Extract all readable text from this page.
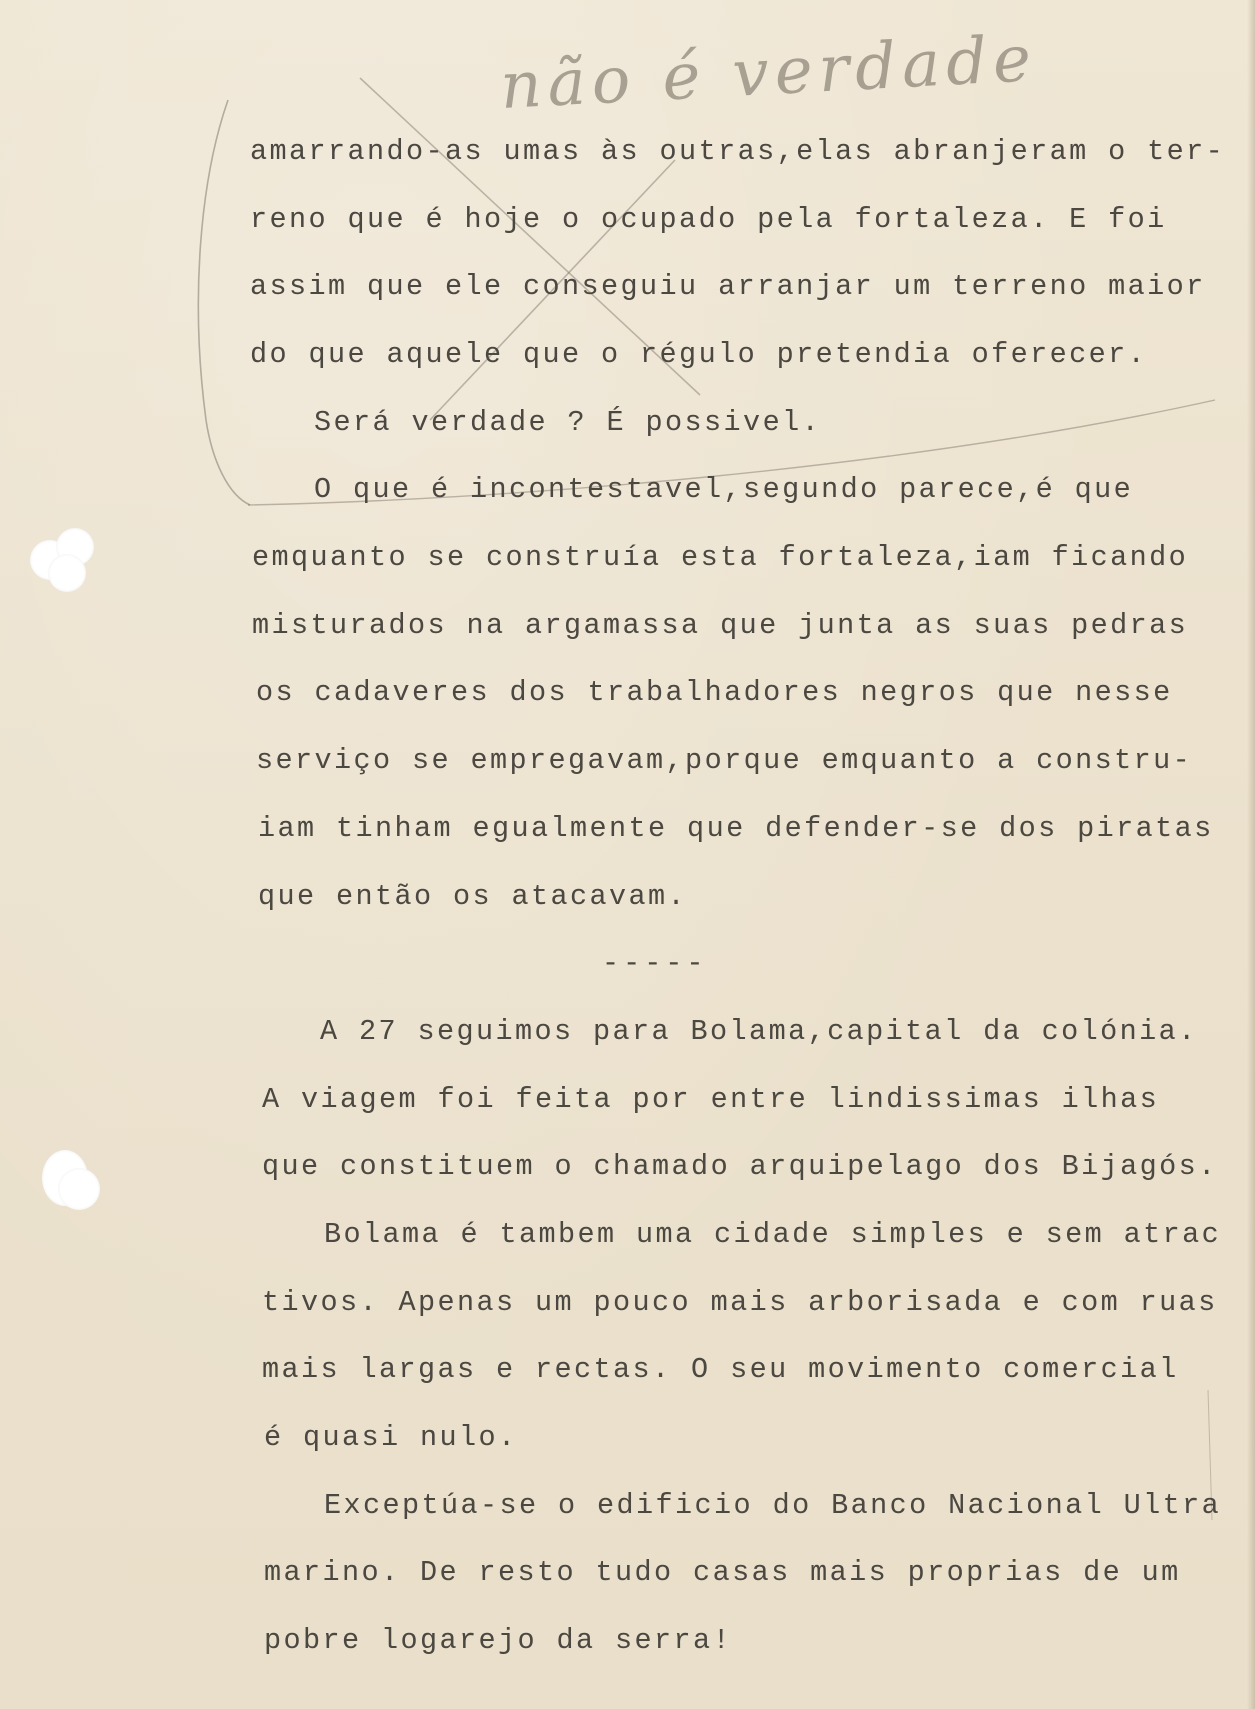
não é verdade
amarrando-as umas às outras,elas abranjeram o ter-
reno que é hoje o ocupado pela fortaleza. E foi
assim que ele conseguiu arranjar um terreno maior
do que aquele que o régulo pretendia oferecer.
Será verdade ? É possivel.
O que é incontestavel,segundo parece,é que
emquanto se construía esta fortaleza,iam ficando
misturados na argamassa que junta as suas pedras
os cadaveres dos trabalhadores negros que nesse
serviço se empregavam,porque emquanto a constru-
iam tinham egualmente que defender-se dos piratas
que então os atacavam.
-----
A 27 seguimos para Bolama,capital da colónia.
A viagem foi feita por entre lindissimas ilhas
que constituem o chamado arquipelago dos Bijagós.
Bolama é tambem uma cidade simples e sem atrac
tivos. Apenas um pouco mais arborisada e com ruas
mais largas e rectas. O seu movimento comercial
é quasi nulo.
Exceptúa-se o edificio do Banco Nacional Ultra
marino. De resto tudo casas mais proprias de um
pobre logarejo da serra!
